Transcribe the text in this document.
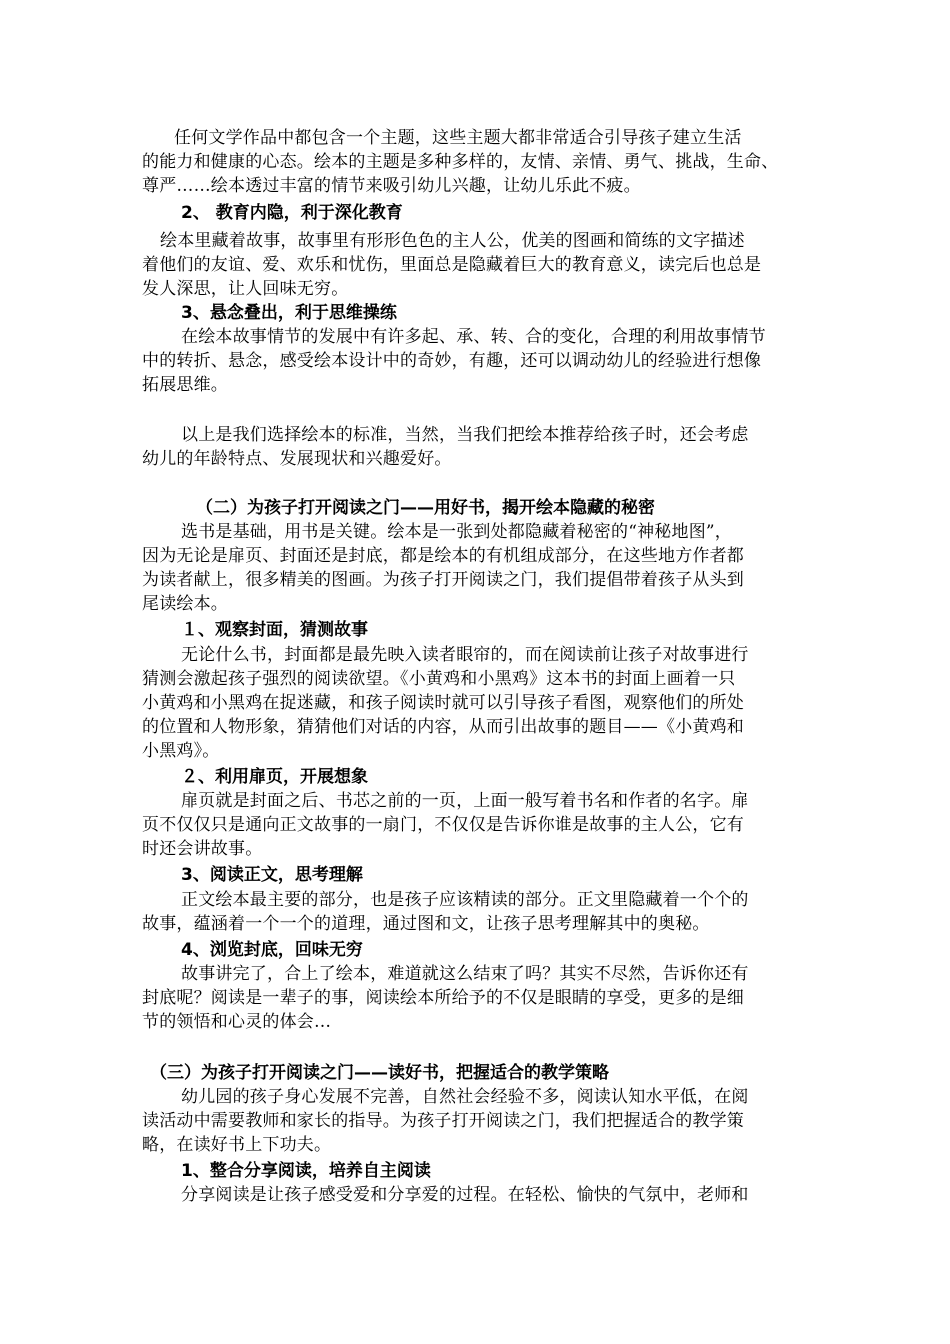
任何文学作品中都包含一个主题，这些主题大都非常适合引导孩子建立生活
的能力和健康的心态。绘本的主题是多种多样的，友情、亲情、勇气、挑战，生命、
尊严……绘本透过丰富的情节来吸引幼儿兴趣，让幼儿乐此不疲。
2、 教育内隐，利于深化教育
绘本里藏着故事，故事里有形形色色的主人公，优美的图画和简练的文字描述
着他们的友谊、爱、欢乐和忧伤，里面总是隐藏着巨大的教育意义，读完后也总是
发人深思，让人回味无穷。
3、悬念叠出，利于思维操练
在绘本故事情节的发展中有许多起、承、转、合的变化，合理的利用故事情节
中的转折、悬念，感受绘本设计中的奇妙，有趣，还可以调动幼儿的经验进行想像
拓展思维。
以上是我们选择绘本的标准，当然，当我们把绘本推荐给孩子时，还会考虑
幼儿的年龄特点、发展现状和兴趣爱好。
（二）为孩子打开阅读之门——用好书，揭开绘本隐藏的秘密
选书是基础，用书是关键。绘本是一张到处都隐藏着秘密的“神秘地图”，
因为无论是扉页、封面还是封底，都是绘本的有机组成部分，在这些地方作者都
为读者献上，很多精美的图画。为孩子打开阅读之门，我们提倡带着孩子从头到
尾读绘本。
１、观察封面，猜测故事
无论什么书，封面都是最先映入读者眼帘的，而在阅读前让孩子对故事进行
猜测会激起孩子强烈的阅读欲望。《小黄鸡和小黑鸡》这本书的封面上画着一只
小黄鸡和小黑鸡在捉迷藏，和孩子阅读时就可以引导孩子看图，观察他们的所处
的位置和人物形象，猜猜他们对话的内容，从而引出故事的题目——《小黄鸡和
小黑鸡》。
２、利用扉页，开展想象
扉页就是封面之后、书芯之前的一页，上面一般写着书名和作者的名字。扉
页不仅仅只是通向正文故事的一扇门，不仅仅是告诉你谁是故事的主人公，它有
时还会讲故事。
3、阅读正文，思考理解
正文绘本最主要的部分，也是孩子应该精读的部分。正文里隐藏着一个个的
故事，蕴涵着一个一个的道理，通过图和文，让孩子思考理解其中的奥秘。
4、浏览封底，回味无穷
故事讲完了，合上了绘本，难道就这么结束了吗？其实不尽然，告诉你还有
封底呢？阅读是一辈子的事，阅读绘本所给予的不仅是眼睛的享受，更多的是细
节的领悟和心灵的体会…
（三）为孩子打开阅读之门——读好书，把握适合的教学策略
幼儿园的孩子身心发展不完善，自然社会经验不多，阅读认知水平低，在阅
读活动中需要教师和家长的指导。为孩子打开阅读之门，我们把握适合的教学策
略，在读好书上下功夫。
1、整合分享阅读，培养自主阅读
分享阅读是让孩子感受爱和分享爱的过程。在轻松、愉快的气氛中，老师和
